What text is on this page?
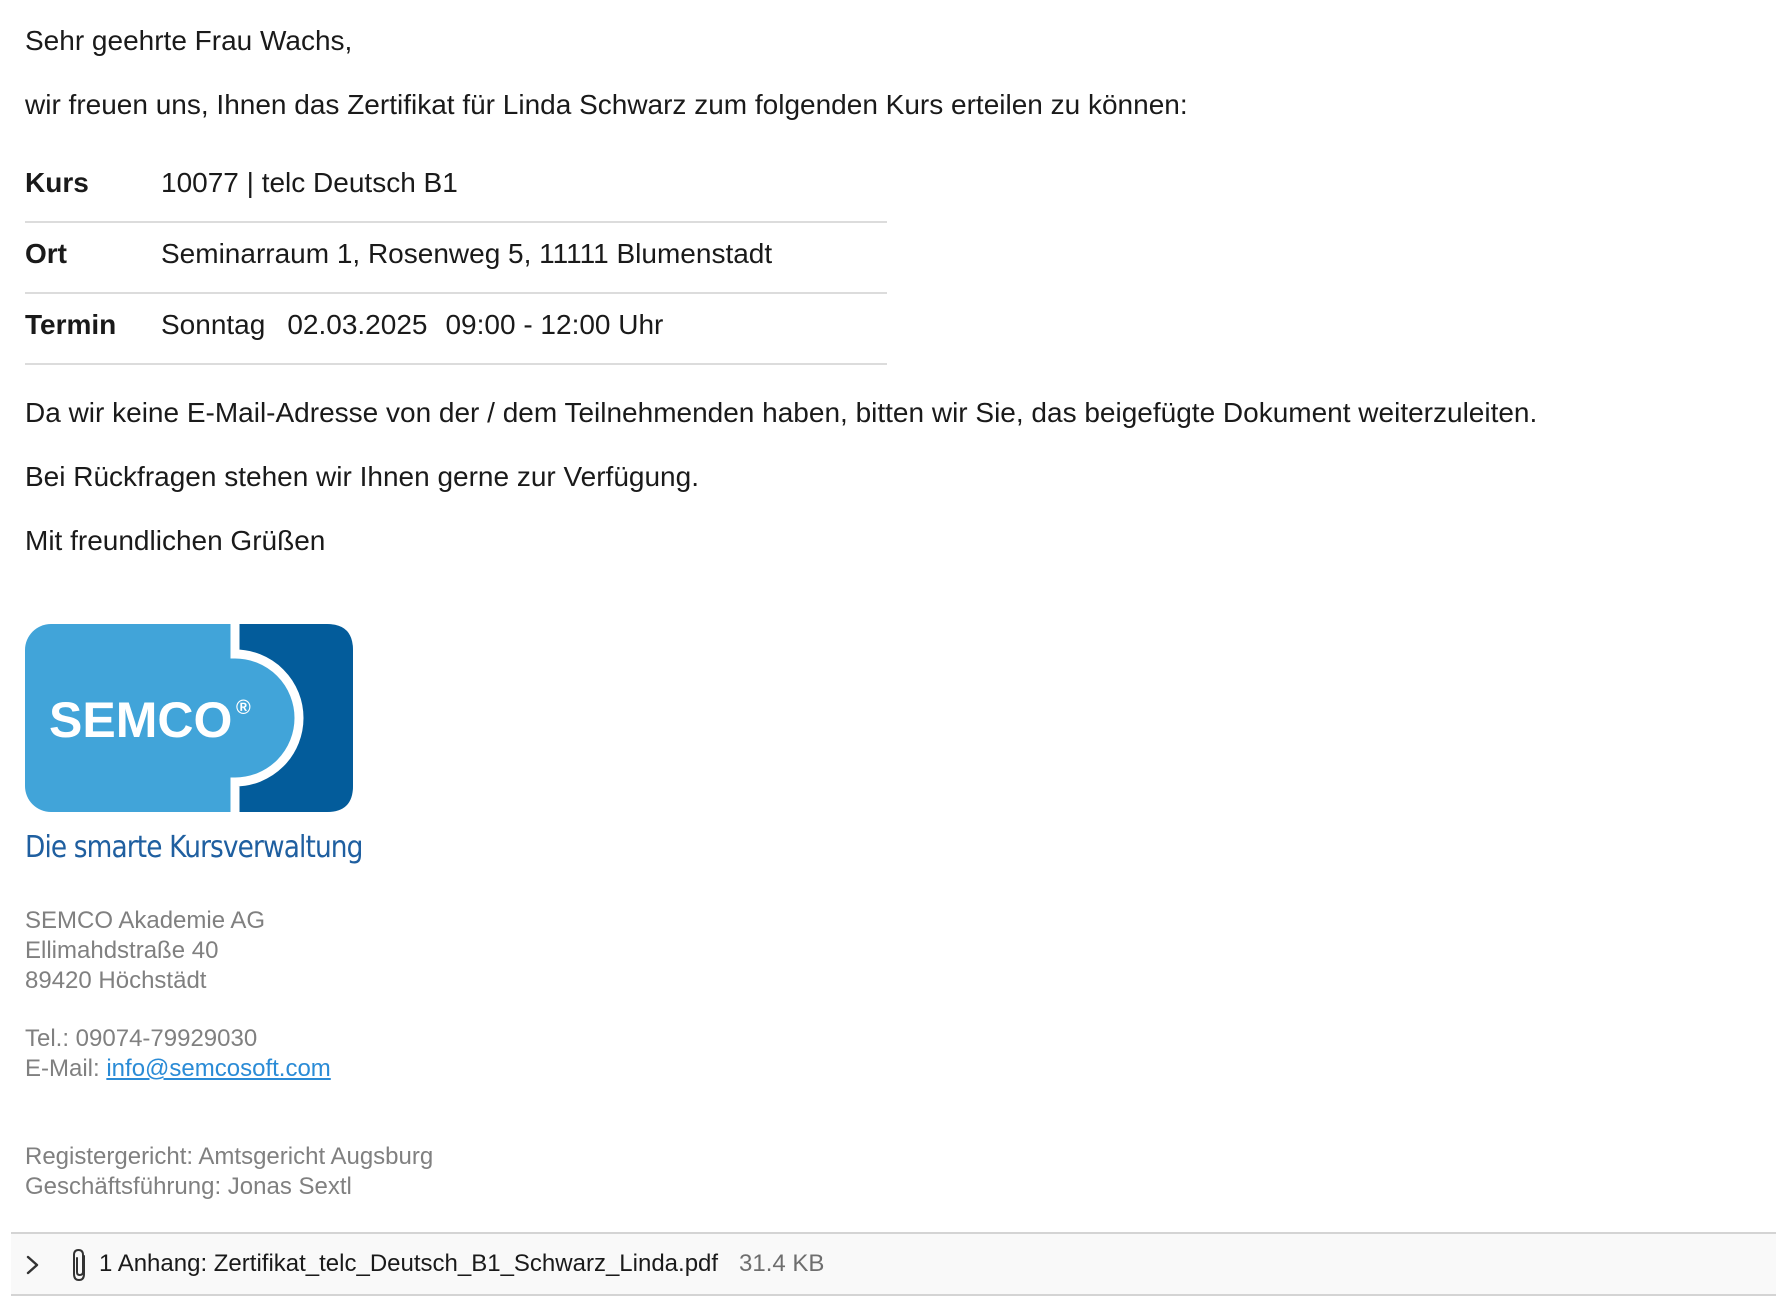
Sehr geehrte Frau Wachs,
wir freuen uns, Ihnen das Zertifikat für Linda Schwarz zum folgenden Kurs erteilen zu können:
Kurs	10077 | telc Deutsch B1
Ort	Seminarraum 1, Rosenweg 5, 11111 Blumenstadt
Termin Sonntag 02.03.2025 09:00 - 12:00 Uhr
Da wir keine E-Mail-Adresse von der / dem Teilnehmenden haben, bitten wir Sie, das beigefügte Dokument weiterzuleiten.
Bei Rückfragen stehen wir Ihnen gerne zur Verfügung.
Mit freundlichen Grüßen
SEMCO ®
Die smarte Kursverwaltung
SEMCO Akademie AG
Ellimahdstraße 40
89420 Höchstädt
Tel.: 09074-79929030
E-Mail: info@semcosoft.com
Registergericht: Amtsgericht Augsburg
Geschäftsführung: Jonas Sextl
1 Anhang: Zertifikat_telc_Deutsch_B1_Schwarz_Linda.pdf 31.4 KB
